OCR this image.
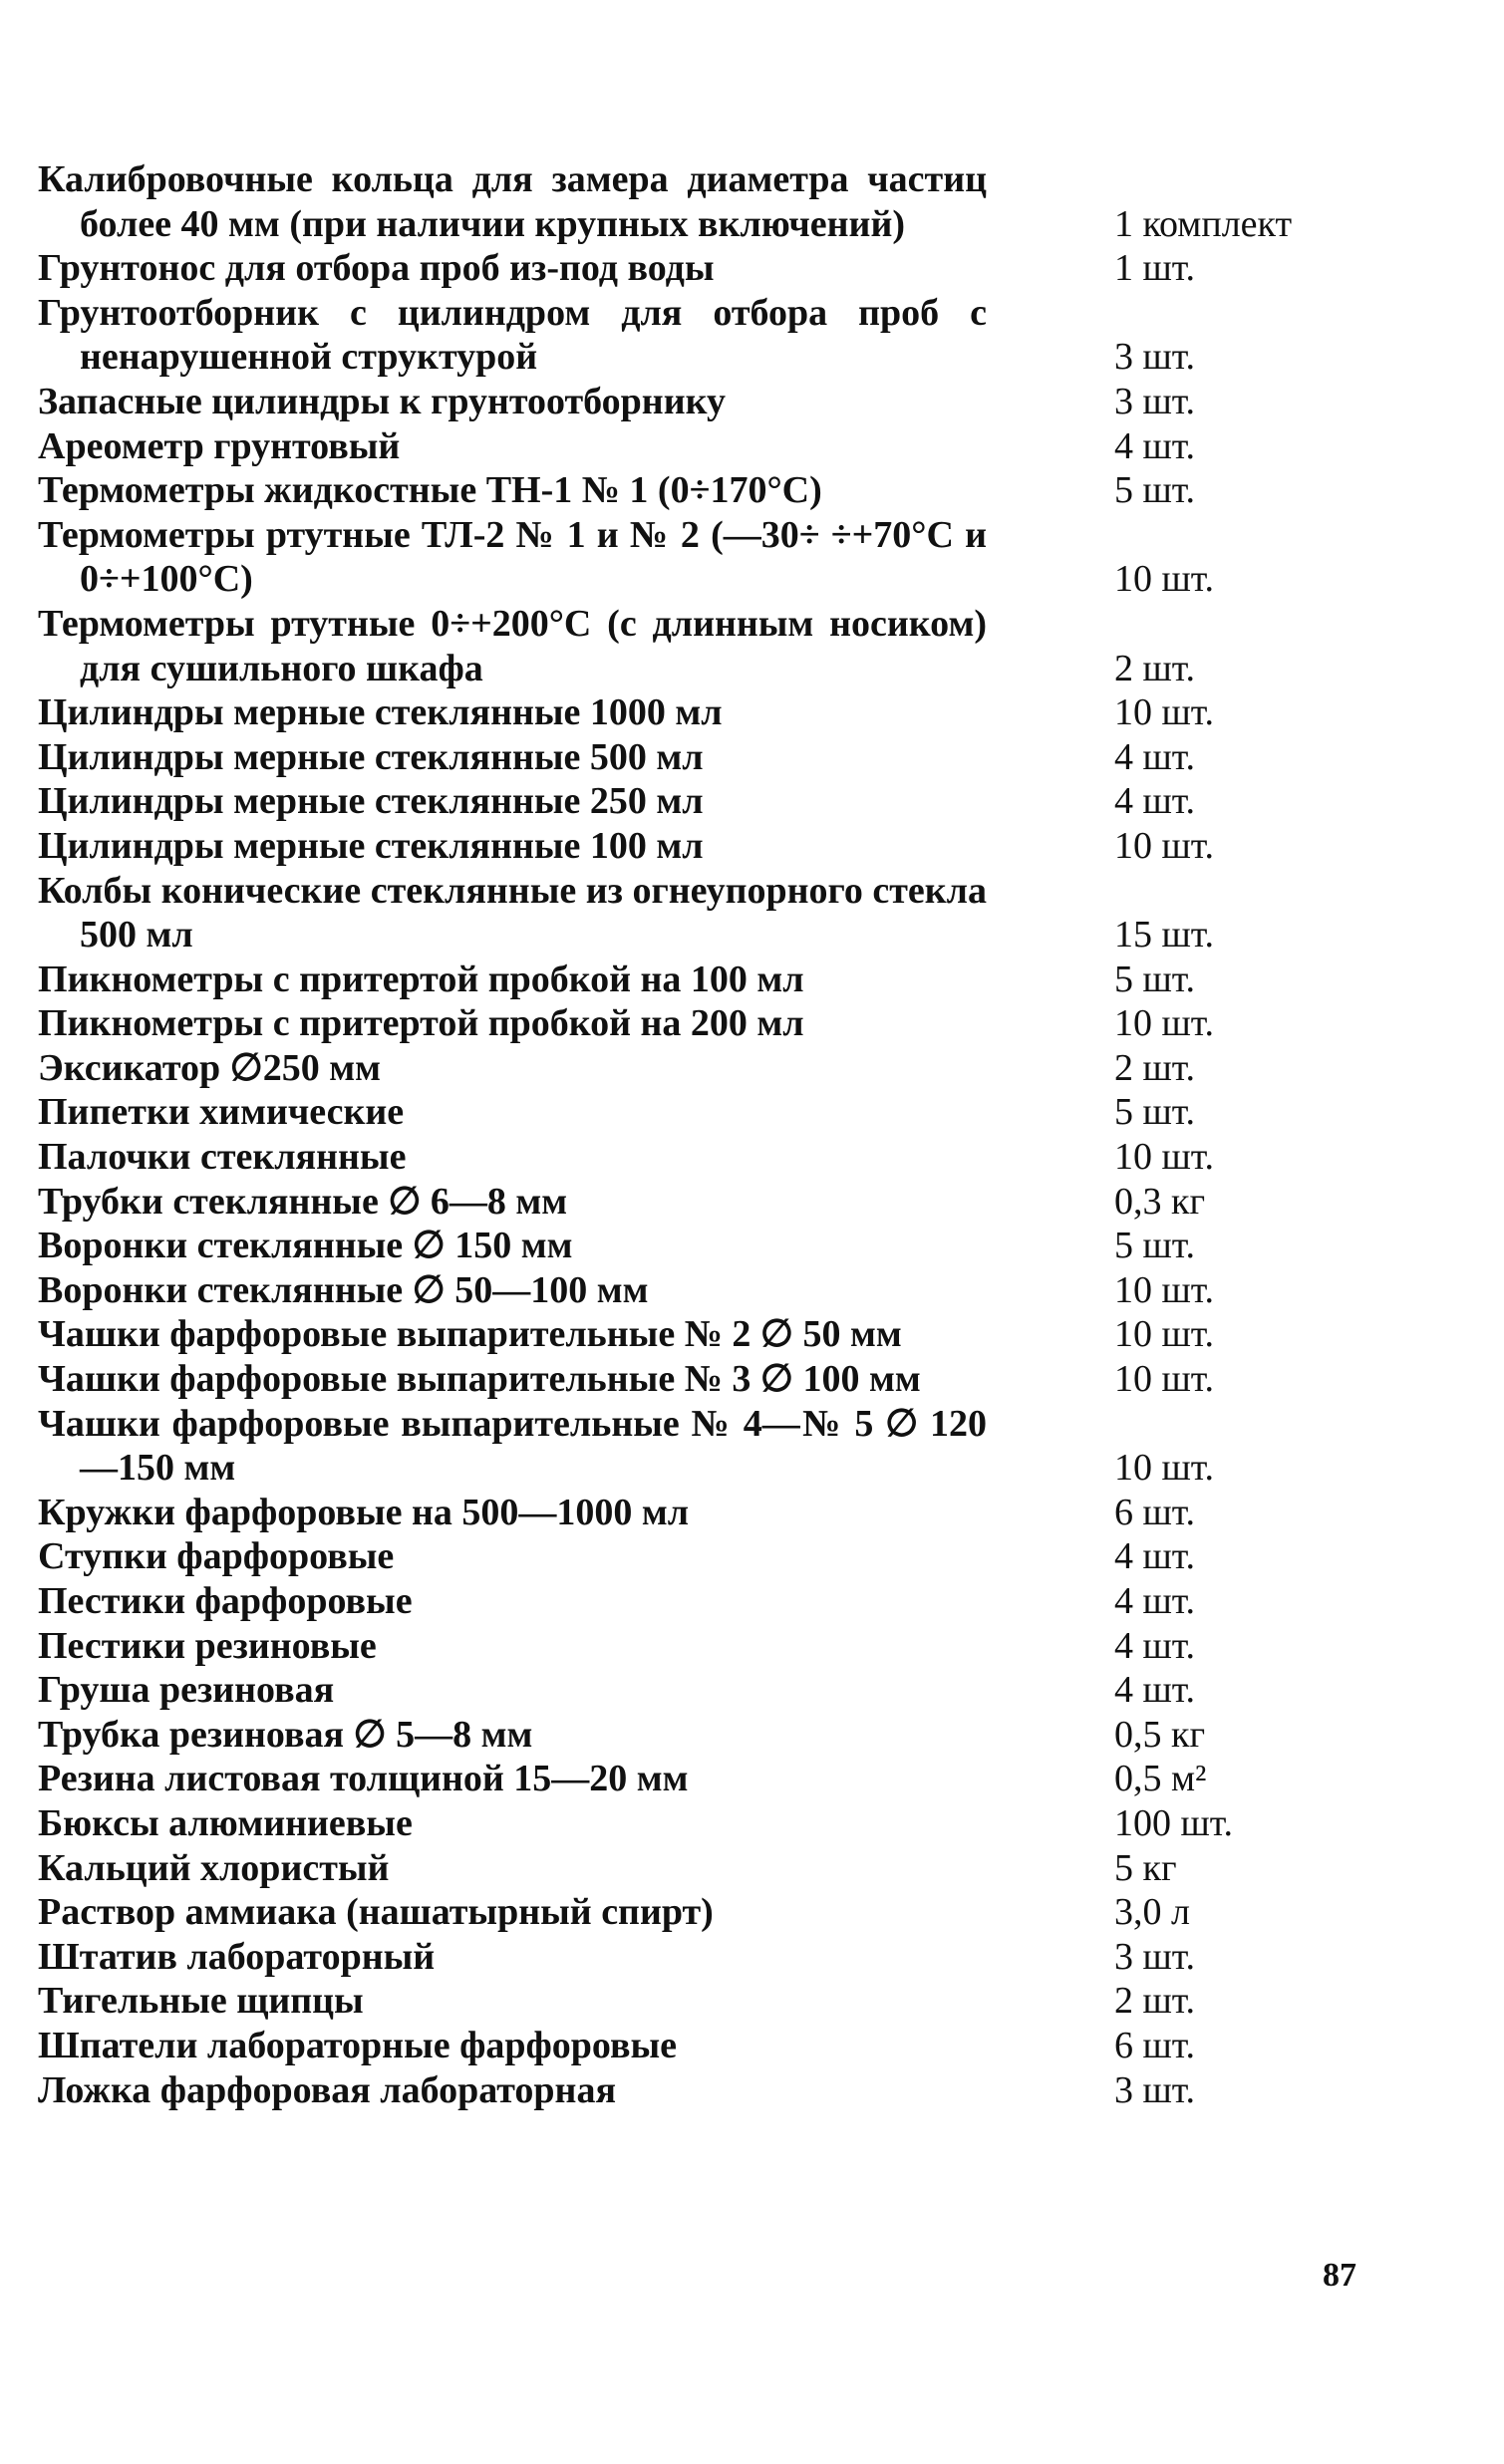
Калибровочные кольца для замера диаметра частиц более 40 мм (при наличии крупных включений)	1 комплект
Грунтонос для отбора проб из-под воды	1 шт.
Грунтоотборник с цилиндром для отбора проб с ненарушенной структурой	3 шт.
Запасные цилиндры к грунтоотборнику	3 шт.
Ареометр грунтовый	4 шт.
Термометры жидкостные ТН-1 № 1 (0÷170°С)	5 шт.
Термометры ртутные ТЛ-2 № 1 и № 2 (—30÷ ÷+70°С и 0÷+100°С)	10 шт.
Термометры ртутные 0÷+200°С (с длинным носиком) для сушильного шкафа	2 шт.
Цилиндры мерные стеклянные 1000 мл	10 шт.
Цилиндры мерные стеклянные 500 мл	4 шт.
Цилиндры мерные стеклянные 250 мл	4 шт.
Цилиндры мерные стеклянные 100 мл	10 шт.
Колбы конические стеклянные из огнеупорного стекла 500 мл	15 шт.
Пикнометры с притертой пробкой на 100 мл	5 шт.
Пикнометры с притертой пробкой на 200 мл	10 шт.
Эксикатор ∅250 мм	2 шт.
Пипетки химические	5 шт.
Палочки стеклянные	10 шт.
Трубки стеклянные ∅ 6—8 мм	0,3 кг
Воронки стеклянные ∅ 150 мм	5 шт.
Воронки стеклянные ∅ 50—100 мм	10 шт.
Чашки фарфоровые выпарительные № 2 ∅ 50 мм	10 шт.
Чашки фарфоровые выпарительные № 3 ∅ 100 мм	10 шт.
Чашки фарфоровые выпарительные № 4—№ 5 ∅ 120—150 мм	10 шт.
Кружки фарфоровые на 500—1000 мл	6 шт.
Ступки фарфоровые	4 шт.
Пестики фарфоровые	4 шт.
Пестики резиновые	4 шт.
Груша резиновая	4 шт.
Трубка резиновая ∅ 5—8 мм	0,5 кг
Резина листовая толщиной 15—20 мм	0,5 м²
Бюксы алюминиевые	100 шт.
Кальций хлористый	5 кг
Раствор аммиака (нашатырный спирт)	3,0 л
Штатив лабораторный	3 шт.
Тигельные щипцы	2 шт.
Шпатели лабораторные фарфоровые	6 шт.
Ложка фарфоровая лабораторная	3 шт.
87
